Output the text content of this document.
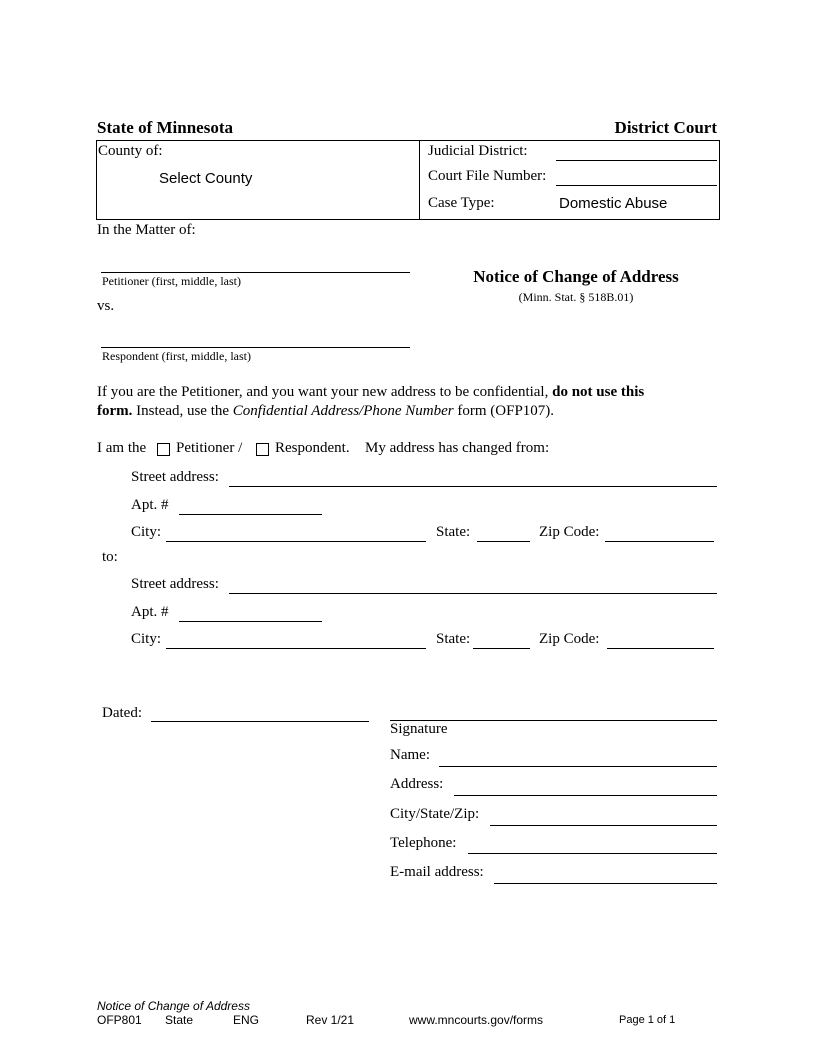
State of Minnesota	District Court
County of:
Select County
Judicial District:
Court File Number:
Case Type:	Domestic Abuse
In the Matter of:
Petitioner (first, middle, last)
vs.
Respondent (first, middle, last)
Notice of Change of Address
(Minn. Stat. § 518B.01)
If you are the Petitioner, and you want your new address to be confidential, do not use this
form. Instead, use the Confidential Address/Phone Number form (OFP107).
I am the Petitioner / Respondent. My address has changed from:
Street address:
Apt. #
City:	State:	Zip Code:
to:
Street address:
Apt. #
City:	State:	Zip Code:
Dated:
Signature
Name:
Address:
City/State/Zip:
Telephone:
E-mail address:
Notice of Change of Address
OFP801 State	ENG	Rev 1/21	www.mncourts.gov/forms	Page 1 of 1
